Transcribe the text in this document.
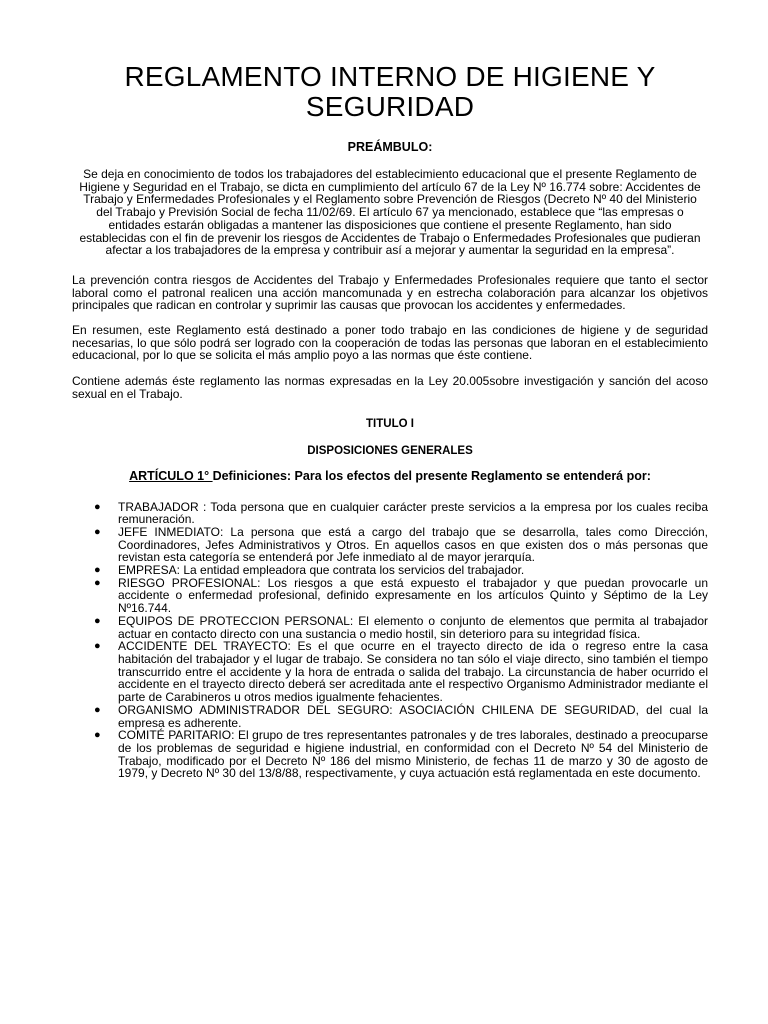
REGLAMENTO INTERNO DE HIGIENE Y SEGURIDAD
PREÁMBULO:

Se deja en conocimiento de todos los trabajadores del establecimiento educacional que el presente Reglamento de Higiene y Seguridad en el Trabajo, se dicta en cumplimiento del artículo 67 de la Ley Nº 16.774 sobre: Accidentes de Trabajo y Enfermedades Profesionales y el Reglamento sobre Prevención de Riesgos (Decreto Nº 40 del Ministerio del Trabajo y Previsión Social de fecha 11/02/69. El artículo 67 ya mencionado, establece que “las empresas o entidades estarán obligadas a mantener las disposiciones que contiene el presente Reglamento, han sido establecidas con el fin de prevenir los riesgos de Accidentes de Trabajo o Enfermedades Profesionales que pudieran afectar a los trabajadores de la empresa y contribuir así a mejorar y aumentar la seguridad en la empresa”.

La prevención contra riesgos de Accidentes del Trabajo y Enfermedades Profesionales requiere que tanto el sector laboral como el patronal realicen una acción mancomunada y en estrecha colaboración para alcanzar los objetivos principales que radican en controlar y suprimir las causas que provocan los accidentes y enfermedades.

En resumen, este Reglamento está destinado a poner todo trabajo en las condiciones de higiene y de seguridad necesarias, lo que sólo podrá ser logrado con la cooperación de todas las personas que laboran en el establecimiento educacional, por lo que se solicita el más amplio poyo a las normas que éste contiene.

Contiene además éste reglamento las normas expresadas en la Ley 20.005sobre investigación y sanción del acoso sexual en el Trabajo.

TITULO I
DISPOSICIONES GENERALES
ARTÍCULO 1° Definiciones: Para los efectos del presente Reglamento se entenderá por:
● TRABAJADOR : Toda persona que en cualquier carácter preste servicios a la empresa por los cuales reciba remuneración.
● JEFE INMEDIATO: La persona que está a cargo del trabajo que se desarrolla, tales como Dirección, Coordinadores, Jefes Administrativos y Otros. En aquellos casos en que existen dos o más personas que revistan esta categoría se entenderá por Jefe inmediato al de mayor jerarquía.
● EMPRESA: La entidad empleadora que contrata los servicios del trabajador.
● RIESGO PROFESIONAL: Los riesgos a que está expuesto el trabajador y que puedan provocarle un accidente o enfermedad profesional, definido expresamente en los artículos Quinto y Séptimo de la Ley Nº16.744.
● EQUIPOS DE PROTECCION PERSONAL: El elemento o conjunto de elementos que permita al trabajador actuar en contacto directo con una sustancia o medio hostil, sin deterioro para su integridad física.
● ACCIDENTE DEL TRAYECTO: Es el que ocurre en el trayecto directo de ida o regreso entre la casa habitación del trabajador y el lugar de trabajo. Se considera no tan sólo el viaje directo, sino también el tiempo transcurrido entre el accidente y la hora de entrada o salida del trabajo. La circunstancia de haber ocurrido el accidente en el trayecto directo deberá ser acreditada ante el respectivo Organismo Administrador mediante el parte de Carabineros u otros medios igualmente fehacientes.
● ORGANISMO ADMINISTRADOR DEL SEGURO: ASOCIACIÓN CHILENA DE SEGURIDAD, del cual la empresa es adherente.
● COMITÉ PARITARIO: El grupo de tres representantes patronales y de tres laborales, destinado a preocuparse de los problemas de seguridad e higiene industrial, en conformidad con el Decreto Nº 54 del Ministerio de Trabajo, modificado por el Decreto Nº 186 del mismo Ministerio, de fechas 11 de marzo y 30 de agosto de 1979, y Decreto Nº 30 del 13/8/88, respectivamente, y cuya actuación está reglamentada en este documento.
